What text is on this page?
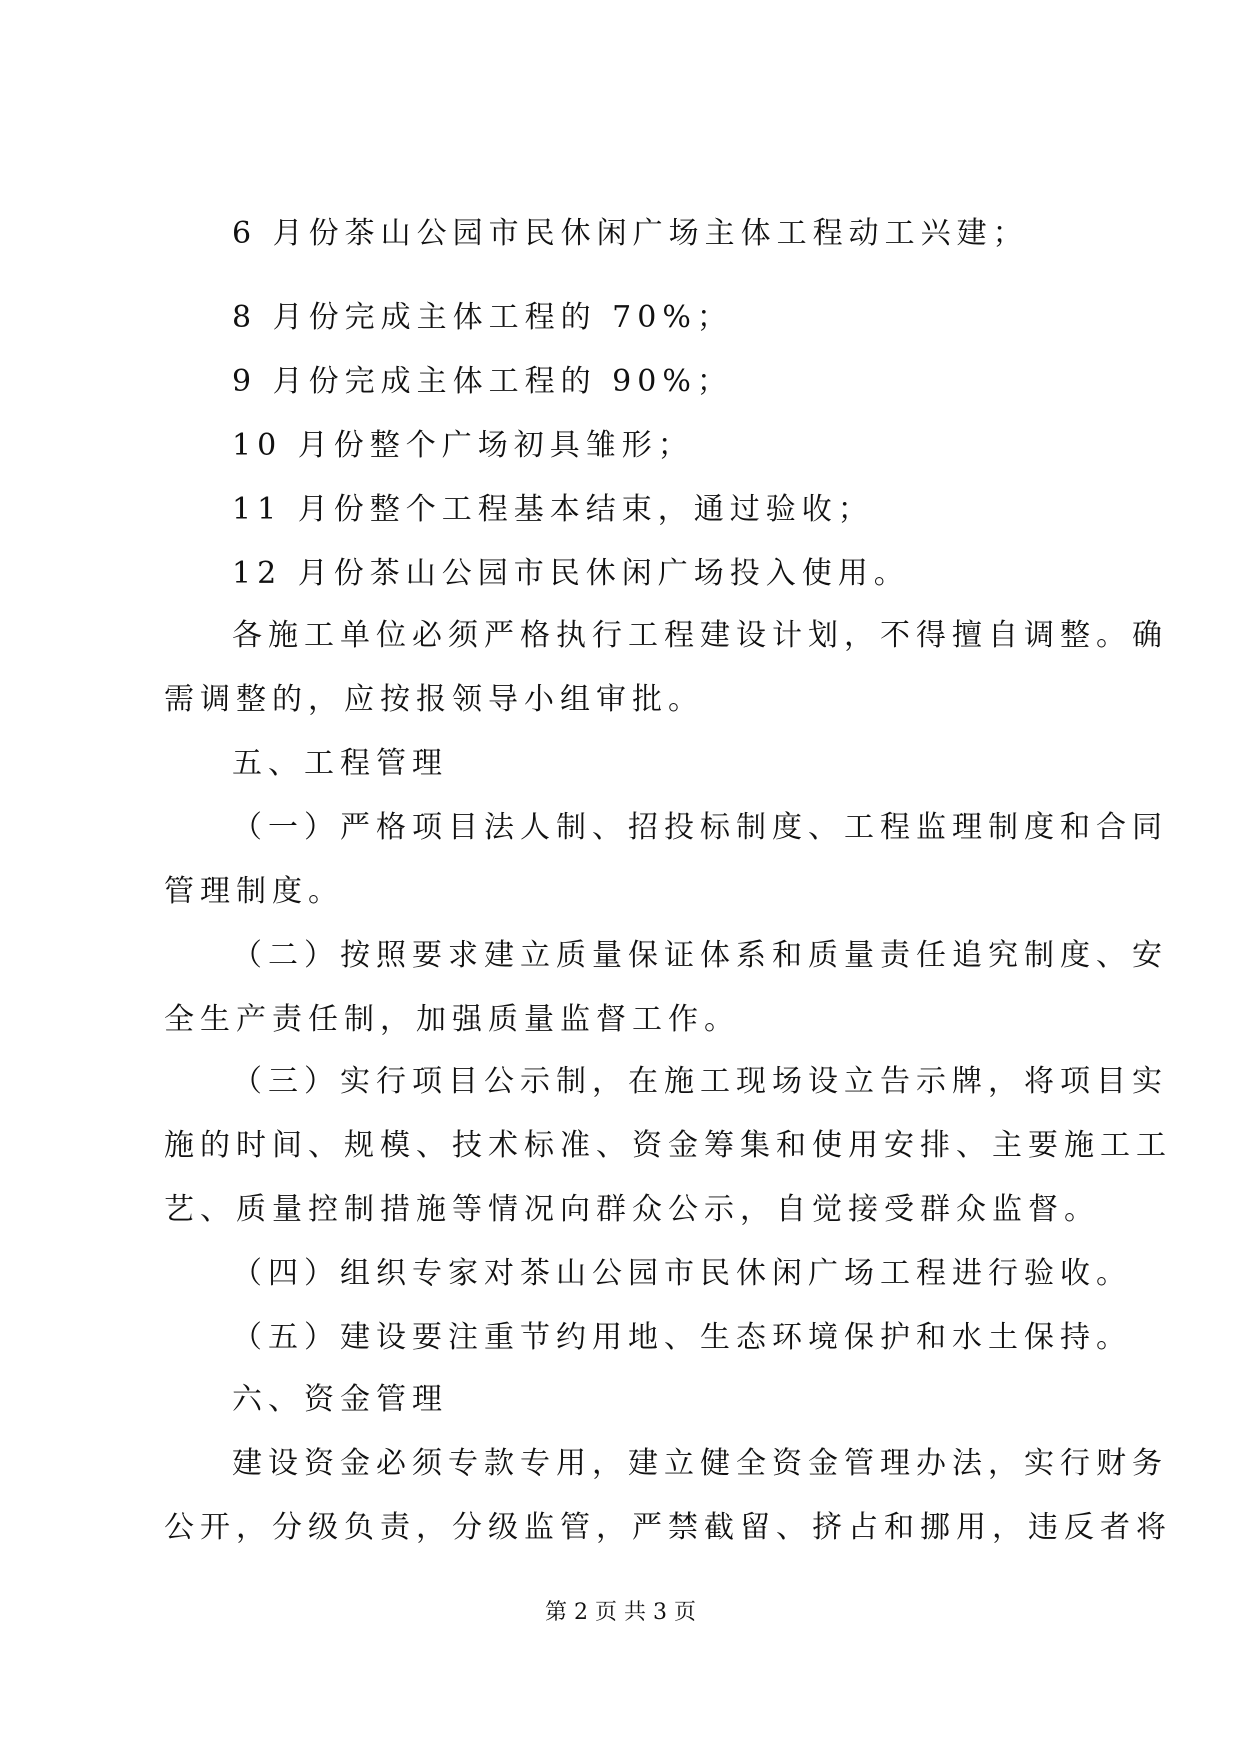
6 月份茶山公园市民休闲广场主体工程动工兴建；
8 月份完成主体工程的 70%；
9 月份完成主体工程的 90%；
10 月份整个广场初具雏形；
11 月份整个工程基本结束，通过验收；
12 月份茶山公园市民休闲广场投入使用。
各施工单位必须严格执行工程建设计划，不得擅自调整。确
需调整的，应按报领导小组审批。
五、工程管理
（一）严格项目法人制、招投标制度、工程监理制度和合同
管理制度。
（二）按照要求建立质量保证体系和质量责任追究制度、安
全生产责任制，加强质量监督工作。
（三）实行项目公示制，在施工现场设立告示牌，将项目实
施的时间、规模、技术标准、资金筹集和使用安排、主要施工工
艺、质量控制措施等情况向群众公示，自觉接受群众监督。
（四）组织专家对茶山公园市民休闲广场工程进行验收。
（五）建设要注重节约用地、生态环境保护和水土保持。
六、资金管理
建设资金必须专款专用，建立健全资金管理办法，实行财务
公开，分级负责，分级监管，严禁截留、挤占和挪用，违反者将
第 2 页 共 3 页
